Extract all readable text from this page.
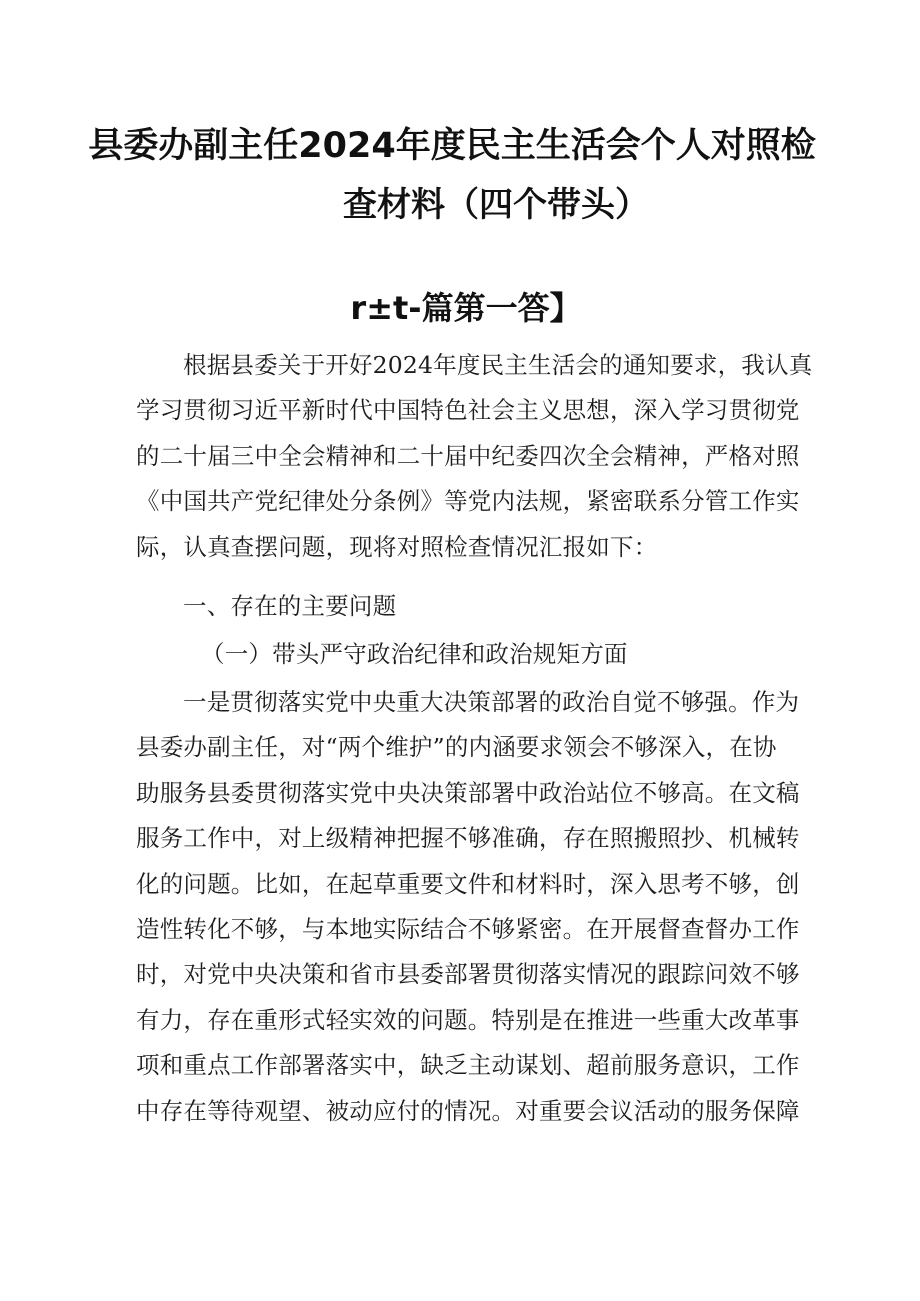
县委办副主任2024年度民主生活会个人对照检
查材料（四个带头）
r±t-篇第一答】
根据县委关于开好2024年度民主生活会的通知要求，我认真
学习贯彻习近平新时代中国特色社会主义思想，深入学习贯彻党
的二十届三中全会精神和二十届中纪委四次全会精神，严格对照
《中国共产党纪律处分条例》等党内法规，紧密联系分管工作实
际，认真查摆问题，现将对照检查情况汇报如下：
一、存在的主要问题
（一）带头严守政治纪律和政治规矩方面
一是贯彻落实党中央重大决策部署的政治自觉不够强。作为
县委办副主任，对“两个维护”的内涵要求领会不够深入，在协
助服务县委贯彻落实党中央决策部署中政治站位不够高。在文稿
服务工作中，对上级精神把握不够准确，存在照搬照抄、机械转
化的问题。比如，在起草重要文件和材料时，深入思考不够，创
造性转化不够，与本地实际结合不够紧密。在开展督查督办工作
时，对党中央决策和省市县委部署贯彻落实情况的跟踪问效不够
有力，存在重形式轻实效的问题。特别是在推进一些重大改革事
项和重点工作部署落实中，缺乏主动谋划、超前服务意识，工作
中存在等待观望、被动应付的情况。对重要会议活动的服务保障
